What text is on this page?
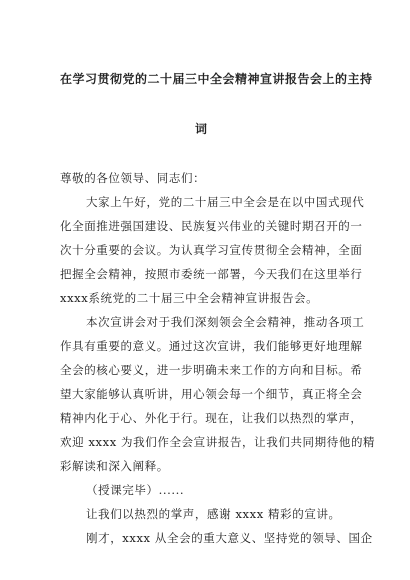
在学习贯彻党的二十届三中全会精神宣讲报告会上的主持
词
尊敬的各位领导、同志们：
大家上午好，党的二十届三中全会是在以中国式现代
化全面推进强国建设、民族复兴伟业的关键时期召开的一
次十分重要的会议。为认真学习宣传贯彻全会精神，全面
把握全会精神，按照市委统一部署，今天我们在这里举行
xxxx系统党的二十届三中全会精神宣讲报告会。
本次宣讲会对于我们深刻领会全会精神，推动各项工
作具有重要的意义。通过这次宣讲，我们能够更好地理解
全会的核心要义，进一步明确未来工作的方向和目标。希
望大家能够认真听讲，用心领会每一个细节，真正将全会
精神内化于心、外化于行。现在，让我们以热烈的掌声，
欢迎 xxxx 为我们作全会宣讲报告，让我们共同期待他的精
彩解读和深入阐释。
（授课完毕）......
让我们以热烈的掌声，感谢 xxxx 精彩的宣讲。
刚才，xxxx 从全会的重大意义、坚持党的领导、国企
